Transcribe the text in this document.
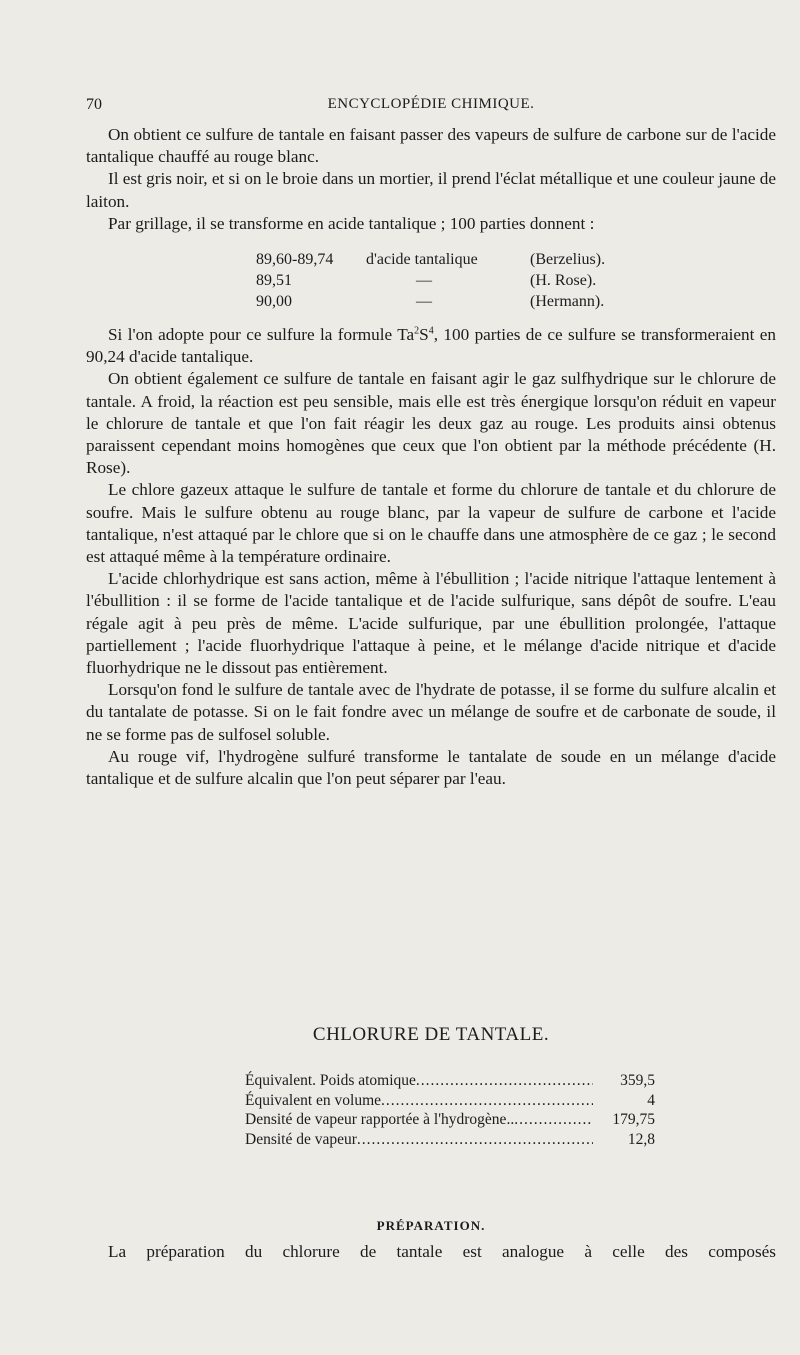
70	ENCYCLOPÉDIE CHIMIQUE.

On obtient ce sulfure de tantale en faisant passer des vapeurs de sulfure de carbone sur de l'acide tantalique chauffé au rouge blanc.

Il est gris noir, et si on le broie dans un mortier, il prend l'éclat métallique et une couleur jaune de laiton.

Par grillage, il se transforme en acide tantalique ; 100 parties donnent :

89,60-89,74	d'acide tantalique	(Berzelius).
89,51	—	(H. Rose).
90,00	—	(Hermann).

Si l'on adopte pour ce sulfure la formule $Ta^2S^4$, 100 parties de ce sulfure se transformeraient en 90,24 d'acide tantalique.

On obtient également ce sulfure de tantale en faisant agir le gaz sulfhydrique sur le chlorure de tantale. A froid, la réaction est peu sensible, mais elle est très énergique lorsqu'on réduit en vapeur le chlorure de tantale et que l'on fait réagir les deux gaz au rouge. Les produits ainsi obtenus paraissent cependant moins homogènes que ceux que l'on obtient par la méthode précédente (H. Rose).

Le chlore gazeux attaque le sulfure de tantale et forme du chlorure de tantale et du chlorure de soufre. Mais le sulfure obtenu au rouge blanc, par la vapeur de sulfure de carbone et l'acide tantalique, n'est attaqué par le chlore que si on le chauffe dans une atmosphère de ce gaz ; le second est attaqué même à la température ordinaire.

L'acide chlorhydrique est sans action, même à l'ébullition ; l'acide nitrique l'attaque lentement à l'ébullition : il se forme de l'acide tantalique et de l'acide sulfurique, sans dépôt de soufre. L'eau régale agit à peu près de même. L'acide sulfurique, par une ébullition prolongée, l'attaque partiellement ; l'acide fluorhydrique l'attaque à peine, et le mélange d'acide nitrique et d'acide fluorhydrique ne le dissout pas entièrement.

Lorsqu'on fond le sulfure de tantale avec de l'hydrate de potasse, il se forme du sulfure alcalin et du tantalate de potasse. Si on le fait fondre avec un mélange de soufre et de carbonate de soude, il ne se forme pas de sulfosel soluble.

Au rouge vif, l'hydrogène sulfuré transforme le tantalate de soude en un mélange d'acide tantalique et de sulfure alcalin que l'on peut séparer par l'eau.

CHLORURE DE TANTALE.
Équivalent. Poids atomique .....	359,5
Équivalent en volume .....	4
Densité de vapeur rapportée à l'hydrogène.. .....	179,75
Densité de vapeur .....	12,8
PRÉPARATION.

La préparation du chlorure de tantale est analogue à celle des composés
